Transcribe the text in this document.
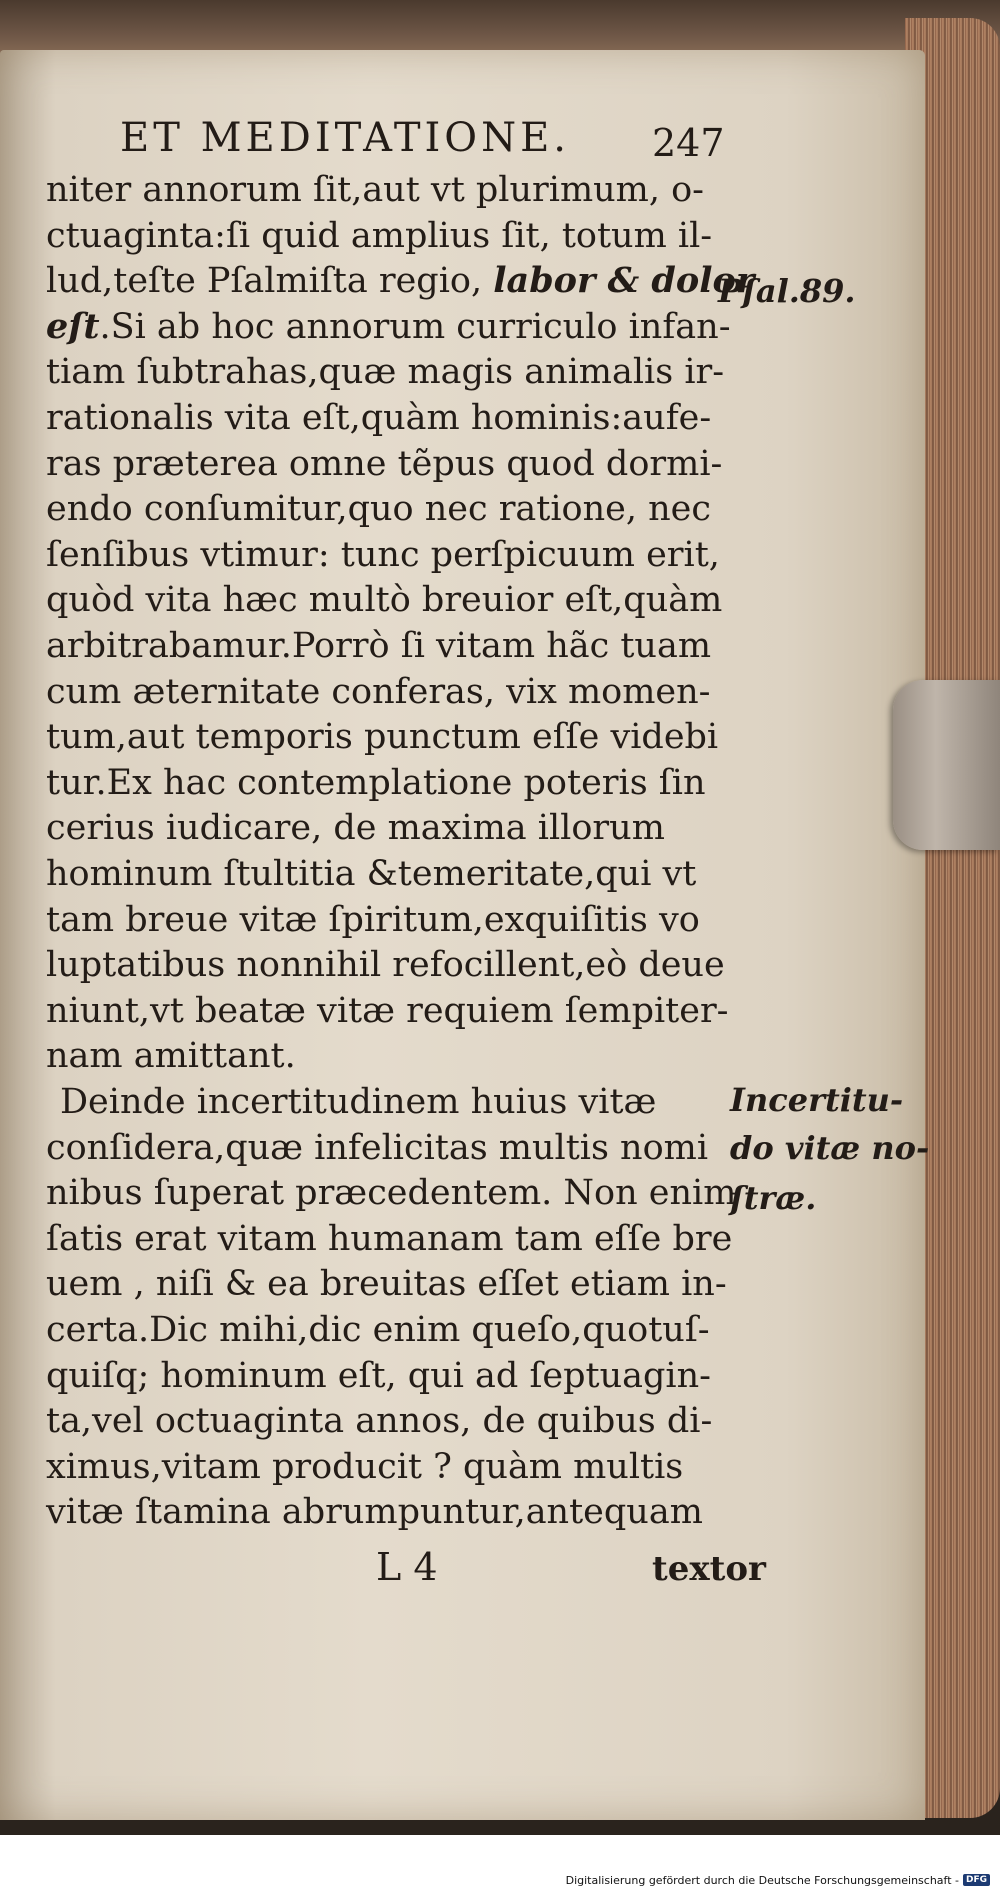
ET MEDITATIONE.	247
niter annorum ſit,aut vt plurimum, o-
ctuaginta:ſi quid amplius ſit, totum il-
lud,teſte Pſalmiſta regio, labor & dolor
eſt.Si ab hoc annorum curriculo infan-
tiam ſubtrahas,quæ magis animalis ir-
rationalis vita eſt,quàm hominis:aufe-
ras præterea omne tẽpus quod dormi-
endo conſumitur,quo nec ratione, nec
ſenſibus vtimur: tunc perſpicuum erit,
quòd vita hæc multò breuior eſt,quàm
arbitrabamur.Porrò ſi vitam hãc tuam
cum æternitate conferas, vix momen-
tum,aut temporis punctum eſſe videbi
tur.Ex hac contemplatione poteris ſin
cerius iudicare, de maxima illorum
hominum ſtultitia &temeritate,qui vt
tam breue vitæ ſpiritum,exquiſitis vo
luptatibus nonnihil refocillent,eò deue
niunt,vt beatæ vitæ requiem ſempiter-
nam amittant.
Deinde incertitudinem huius vitæ
conſidera,quæ infelicitas multis nomi
nibus ſuperat præcedentem. Non enim
ſatis erat vitam humanam tam eſſe bre
uem , niſi & ea breuitas eſſet etiam in-
certa.Dic mihi,dic enim queſo,quotuſ-
quiſq; hominum eſt, qui ad ſeptuagin-
ta,vel octuaginta annos, de quibus di-
ximus,vitam producit ? quàm multis
vitæ ſtamina abrumpuntur,antequam
Pſal.89.
Incertitu-
do vitæ no-
ſtræ.
L 4	textor
Digitalisierung gefördert durch die Deutsche Forschungsgemeinschaft - DFG
